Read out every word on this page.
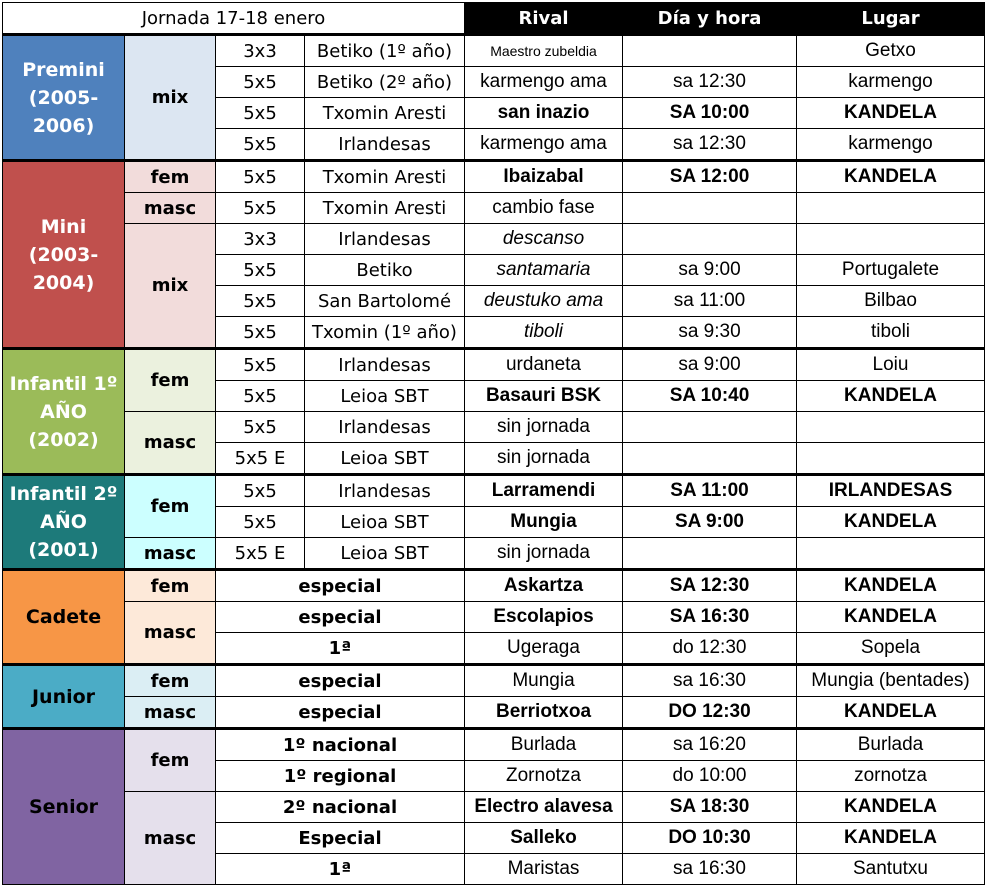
Jornada 17-18 enero				Rival	Día y hora	Lugar
Premini (2005-2006)	mix	3x3	Betiko (1º año)	Maestro zubeldia		Getxo
		5x5	Betiko (2º año)	karmengo ama	sa 12:30	karmengo
		5x5	Txomin Aresti	san inazio	SA 10:00	KANDELA
		5x5	Irlandesas	karmengo ama	sa 12:30	karmengo
Mini (2003-2004)	fem	5x5	Txomin Aresti	Ibaizabal	SA 12:00	KANDELA
	masc	5x5	Txomin Aresti	cambio fase		
	mix	3x3	Irlandesas	descanso		
		5x5	Betiko	santamaria	sa 9:00	Portugalete
		5x5	San Bartolomé	deustuko ama	sa 11:00	Bilbao
		5x5	Txomin (1º año)	tiboli	sa 9:30	tiboli
Infantil 1º AÑO (2002)	fem	5x5	Irlandesas	urdaneta	sa 9:00	Loiu
		5x5	Leioa SBT	Basauri BSK	SA 10:40	KANDELA
	masc	5x5	Irlandesas	sin jornada		
		5x5 E	Leioa SBT	sin jornada		
Infantil 2º AÑO (2001)	fem	5x5	Irlandesas	Larramendi	SA 11:00	IRLANDESAS
		5x5	Leioa SBT	Mungia	SA 9:00	KANDELA
	masc	5x5 E	Leioa SBT	sin jornada		
Cadete	fem	especial		Askartza	SA 12:30	KANDELA
	masc	especial		Escolapios	SA 16:30	KANDELA
		1ª		Ugeraga	do 12:30	Sopela
Junior	fem	especial		Mungia	sa 16:30	Mungia (bentades)
	masc	especial		Berriotxoa	DO 12:30	KANDELA
Senior	fem	1º nacional		Burlada	sa 16:20	Burlada
		1º regional		Zornotza	do 10:00	zornotza
	masc	2º nacional		Electro alavesa	SA 18:30	KANDELA
		Especial		Salleko	DO 10:30	KANDELA
		1ª		Maristas	sa 16:30	Santutxu
